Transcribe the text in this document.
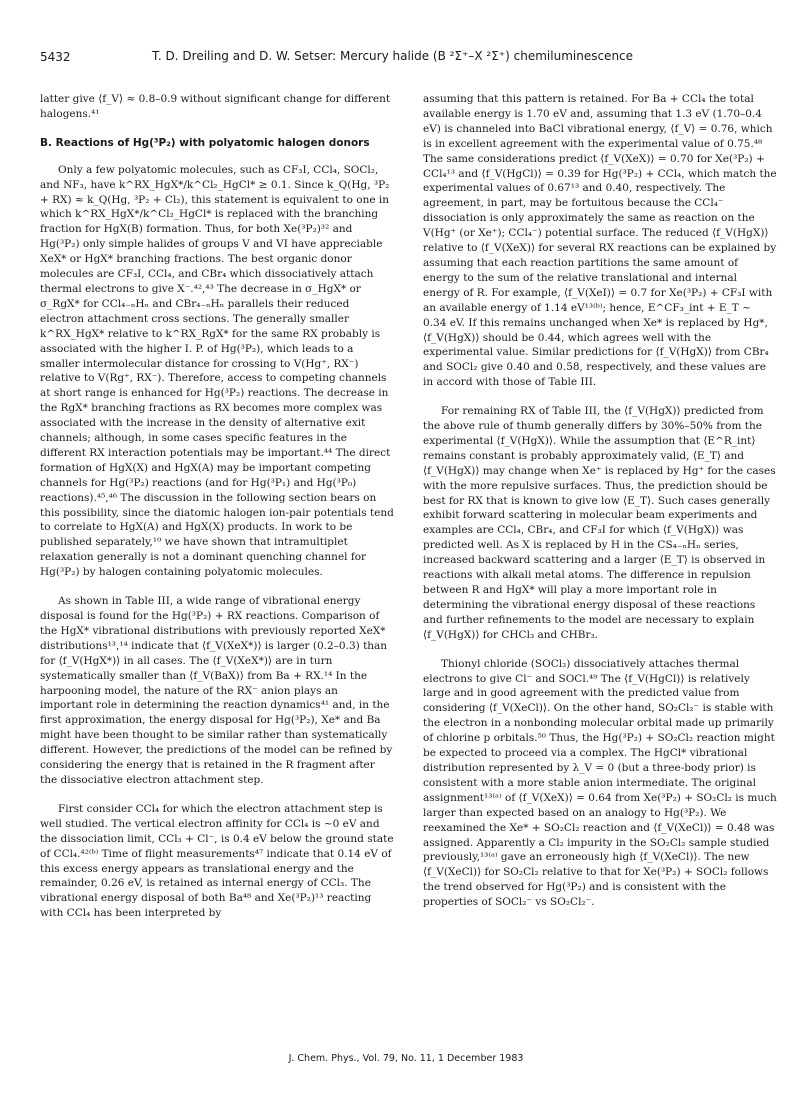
5432	T. D. Dreiling and D. W. Setser: Mercury halide (B ²Σ⁺–X ²Σ⁺) chemiluminescence

latter give ⟨f_V⟩ ≈ 0.8–0.9 without significant change for different halogens.⁴¹

B. Reactions of Hg(³P₂) with polyatomic halogen donors

Only a few polyatomic molecules, such as CF₃I, CCl₄, SOCl₂, and NF₃, have k^RX_HgX*/k^Cl₂_HgCl* ≥ 0.1. Since k_Q(Hg, ³P₂ + RX) ≈ k_Q(Hg, ³P₂ + Cl₂), this statement is equivalent to one in which k^RX_HgX*/k^Cl₂_HgCl* is replaced with the branching fraction for HgX(B) formation. Thus, for both Xe(³P₂)³² and Hg(³P₂) only simple halides of groups V and VI have appreciable XeX* or HgX* branching fractions. The best organic donor molecules are CF₃I, CCl₄, and CBr₄ which dissociatively attach thermal electrons to give X⁻.⁴²,⁴³ The decrease in σ_HgX* or σ_RgX* for CCl₄₋ₙHₙ and CBr₄₋ₙHₙ parallels their reduced electron attachment cross sections. The generally smaller k^RX_HgX* relative to k^RX_RgX* for the same RX probably is associated with the higher I. P. of Hg(³P₂), which leads to a smaller intermolecular distance for crossing to V(Hg⁺, RX⁻) relative to V(Rg⁺, RX⁻). Therefore, access to competing channels at short range is enhanced for Hg(³P₂) reactions. The decrease in the RgX* branching fractions as RX becomes more complex was associated with the increase in the density of alternative exit channels; although, in some cases specific features in the different RX interaction potentials may be important.⁴⁴ The direct formation of HgX(X) and HgX(A) may be important competing channels for Hg(³P₂) reactions (and for Hg(³P₁) and Hg(³P₀) reactions).⁴⁵,⁴⁶ The discussion in the following section bears on this possibility, since the diatomic halogen ion-pair potentials tend to correlate to HgX(A) and HgX(X) products. In work to be published separately,¹⁰ we have shown that intramultiplet relaxation generally is not a dominant quenching channel for Hg(³P₂) by halogen containing polyatomic molecules.

As shown in Table III, a wide range of vibrational energy disposal is found for the Hg(³P₂) + RX reactions. Comparison of the HgX* vibrational distributions with previously reported XeX* distributions¹³,¹⁴ indicate that ⟨f_V(XeX*)⟩ is larger (0.2–0.3) than for ⟨f_V(HgX*)⟩ in all cases. The ⟨f_V(XeX*)⟩ are in turn systematically smaller than ⟨f_V(BaX)⟩ from Ba + RX.¹⁴ In the harpooning model, the nature of the RX⁻ anion plays an important role in determining the reaction dynamics⁴¹ and, in the first approximation, the energy disposal for Hg(³P₂), Xe* and Ba might have been thought to be similar rather than systematically different. However, the predictions of the model can be refined by considering the energy that is retained in the R fragment after the dissociative electron attachment step.

First consider CCl₄ for which the electron attachment step is well studied. The vertical electron affinity for CCl₄ is ~0 eV and the dissociation limit, CCl₃ + Cl⁻, is 0.4 eV below the ground state of CCl₄.⁴²⁽ᵇ⁾ Time of flight measurements⁴⁷ indicate that 0.14 eV of this excess energy appears as translational energy and the remainder, 0.26 eV, is retained as internal energy of CCl₃. The vibrational energy disposal of both Ba⁴⁸ and Xe(³P₂)¹³ reacting with CCl₄ has been interpreted by

assuming that this pattern is retained. For Ba + CCl₄ the total available energy is 1.70 eV and, assuming that 1.3 eV (1.70–0.4 eV) is channeled into BaCl vibrational energy, ⟨f_V⟩ = 0.76, which is in excellent agreement with the experimental value of 0.75.⁴⁸ The same considerations predict ⟨f_V(XeX)⟩ = 0.70 for Xe(³P₂) + CCl₄¹³ and ⟨f_V(HgCl)⟩ = 0.39 for Hg(³P₂) + CCl₄, which match the experimental values of 0.67¹³ and 0.40, respectively. The agreement, in part, may be fortuitous because the CCl₄⁻ dissociation is only approximately the same as reaction on the V(Hg⁺ (or Xe⁺); CCl₄⁻) potential surface. The reduced ⟨f_V(HgX)⟩ relative to ⟨f_V(XeX)⟩ for several RX reactions can be explained by assuming that each reaction partitions the same amount of energy to the sum of the relative translational and internal energy of R. For example, ⟨f_V(XeI)⟩ = 0.7 for Xe(³P₂) + CF₃I with an available energy of 1.14 eV¹³⁽ᵇ⁾; hence, E^CF₃_int + E_T ~ 0.34 eV. If this remains unchanged when Xe* is replaced by Hg*, ⟨f_V(HgX)⟩ should be 0.44, which agrees well with the experimental value. Similar predictions for ⟨f_V(HgX)⟩ from CBr₄ and SOCl₂ give 0.40 and 0.58, respectively, and these values are in accord with those of Table III.

For remaining RX of Table III, the ⟨f_V(HgX)⟩ predicted from the above rule of thumb generally differs by 30%–50% from the experimental ⟨f_V(HgX)⟩. While the assumption that ⟨E^R_int⟩ remains constant is probably approximately valid, ⟨E_T⟩ and ⟨f_V(HgX)⟩ may change when Xe⁺ is replaced by Hg⁺ for the cases with the more repulsive surfaces. Thus, the prediction should be best for RX that is known to give low ⟨E_T⟩. Such cases generally exhibit forward scattering in molecular beam experiments and examples are CCl₄, CBr₄, and CF₃I for which ⟨f_V(HgX)⟩ was predicted well. As X is replaced by H in the CS₄₋ₙHₙ series, increased backward scattering and a larger ⟨E_T⟩ is observed in reactions with alkali metal atoms. The difference in repulsion between R and HgX* will play a more important role in determining the vibrational energy disposal of these reactions and further refinements to the model are necessary to explain ⟨f_V(HgX)⟩ for CHCl₃ and CHBr₃.

Thionyl chloride (SOCl₂) dissociatively attaches thermal electrons to give Cl⁻ and SOCl.⁴⁹ The ⟨f_V(HgCl)⟩ is relatively large and in good agreement with the predicted value from considering ⟨f_V(XeCl)⟩. On the other hand, SO₂Cl₂⁻ is stable with the electron in a nonbonding molecular orbital made up primarily of chlorine p orbitals.⁵⁰ Thus, the Hg(³P₂) + SO₂Cl₂ reaction might be expected to proceed via a complex. The HgCl* vibrational distribution represented by λ_V = 0 (but a three-body prior) is consistent with a more stable anion intermediate. The original assignment¹³⁽ᵃ⁾ of ⟨f_V(XeX)⟩ = 0.64 from Xe(³P₂) + SO₂Cl₂ is much larger than expected based on an analogy to Hg(³P₂). We reexamined the Xe* + SO₂Cl₂ reaction and ⟨f_V(XeCl)⟩ = 0.48 was assigned. Apparently a Cl₂ impurity in the SO₂Cl₂ sample studied previously,¹³⁽ᵃ⁾ gave an erroneously high ⟨f_V(XeCl)⟩. The new ⟨f_V(XeCl)⟩ for SO₂Cl₂ relative to that for Xe(³P₂) + SOCl₂ follows the trend observed for Hg(³P₂) and is consistent with the properties of SOCl₂⁻ vs SO₂Cl₂⁻.

J. Chem. Phys., Vol. 79, No. 11, 1 December 1983
